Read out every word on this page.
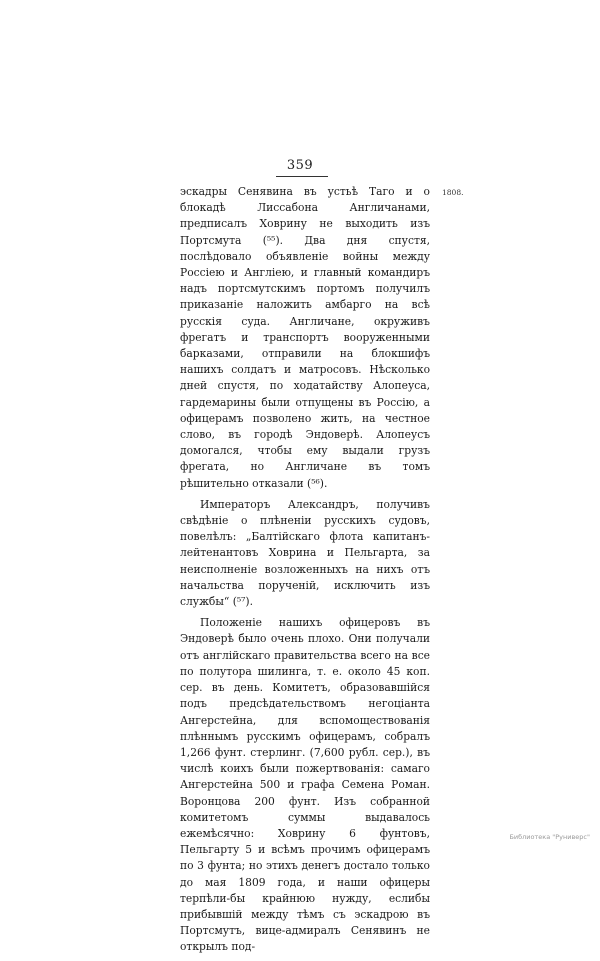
359
1808.

эскадры Сенявина въ устьѣ Таго и о блокадѣ Лиссабона Англичанами, предписалъ Ховрину не выходить изъ Портсмута (⁵⁵). Два дня спустя, послѣдовало объявленіе войны между Россіею и Англіею, и главный командиръ надъ портсмутскимъ портомъ получилъ приказаніе наложить амбарго на всѣ русскія суда. Англичане, окруживъ фрегатъ и транспортъ вооруженными барказами, отправили на блокшифъ нашихъ солдатъ и матросовъ. Нѣсколько дней спустя, по ходатайству Алопеуса, гардемарины были отпущены въ Россію, а офицерамъ позволено жить, на честное слово, въ городѣ Эндоверѣ. Алопеусъ домогался, чтобы ему выдали грузъ фрегата, но Англичане въ томъ рѣшительно отказали (⁵⁶).

Императоръ Александръ, получивъ свѣдѣніе о плѣненіи русскихъ судовъ, повелѣлъ: „Балтійскаго флота капитанъ-лейтенантовъ Ховрина и Пельгарта, за неисполненіе возложенныхъ на нихъ отъ начальства порученій, исключить изъ службы“ (⁵⁷).

Положеніе нашихъ офицеровъ въ Эндоверѣ было очень плохо. Они получали отъ англійскаго правительства всего на все по полутора шилинга, т. е. около 45 коп. сер. въ день. Комитетъ, образовавшійся подъ предсѣдательствомъ негоціанта Ангерстейна, для вспомоществованія плѣннымъ русскимъ офицерамъ, собралъ 1,266 фунт. стерлинг. (7,600 рубл. сер.), въ числѣ коихъ были пожертвованія: самаго Ангерстейна 500 и графа Семена Роман. Воронцова 200 фунт. Изъ собранной комитетомъ суммы выдавалось ежемѣсячно: Ховрину 6 фунтовъ, Пельгарту 5 и всѣмъ прочимъ офицерамъ по 3 фунта; но этихъ денегъ достало только до мая 1809 года, и наши офицеры терпѣли-бы крайнюю нужду, еслибы прибывшій между тѣмъ съ эскадрою въ Портсмутъ, вице-адмиралъ Сенявинъ не открылъ под-

Библиотека "Руниверс"
